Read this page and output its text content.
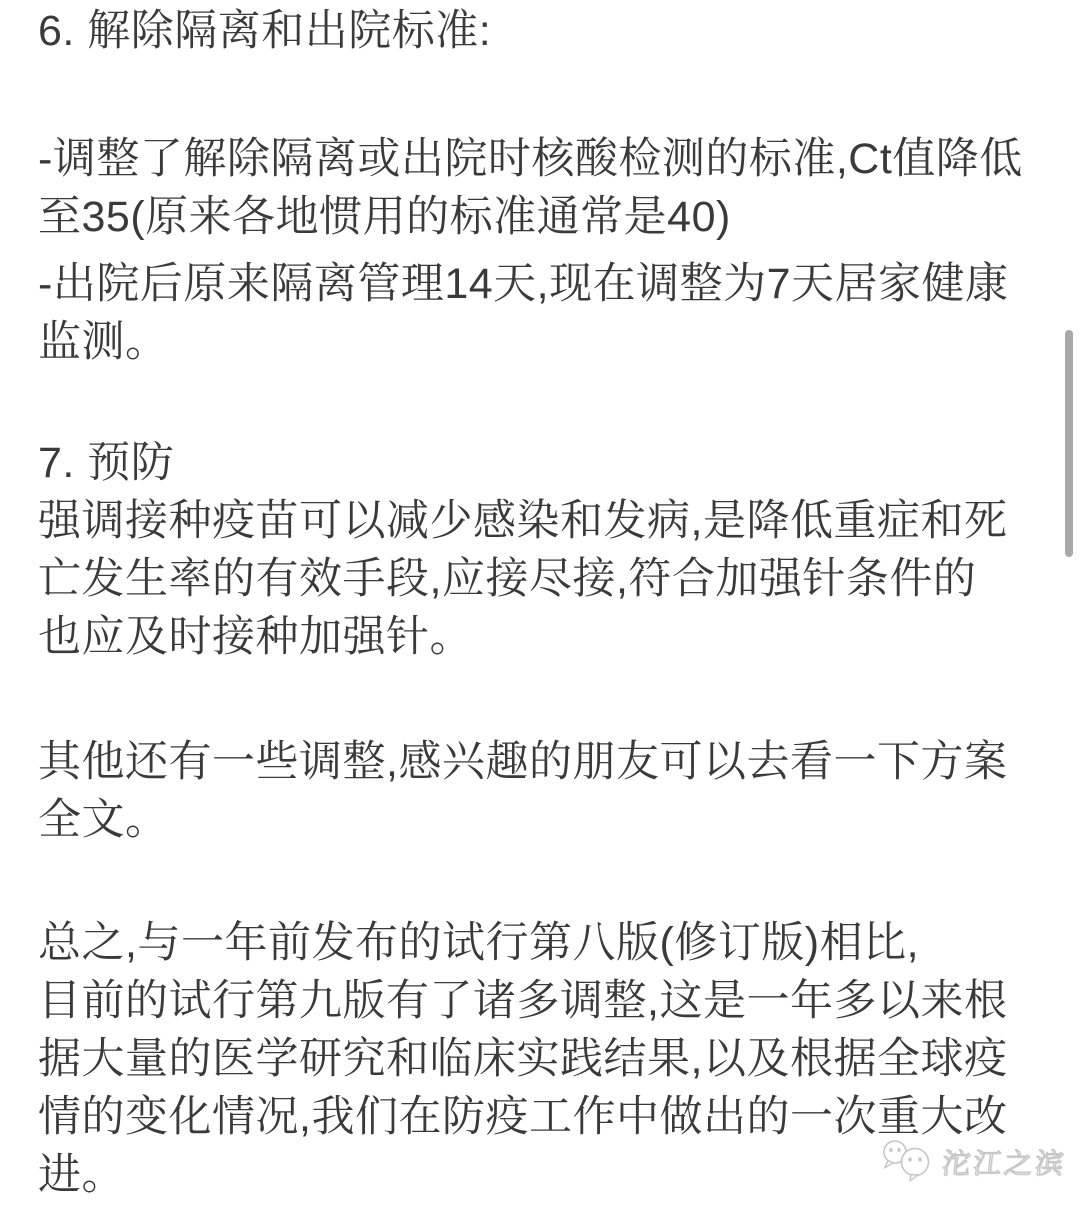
6. 解除隔离和出院标准:
-调整了解除隔离或出院时核酸检测的标准,Ct值降低
至35(原来各地惯用的标准通常是40)
-出院后原来隔离管理14天,现在调整为7天居家健康
监测。
7. 预防
强调接种疫苗可以减少感染和发病,是降低重症和死
亡发生率的有效手段,应接尽接,符合加强针条件的
也应及时接种加强针。
其他还有一些调整,感兴趣的朋友可以去看一下方案
全文。
总之,与一年前发布的试行第八版(修订版)相比,
目前的试行第九版有了诸多调整,这是一年多以来根
据大量的医学研究和临床实践结果,以及根据全球疫
情的变化情况,我们在防疫工作中做出的一次重大改
进。	沱江之滨
